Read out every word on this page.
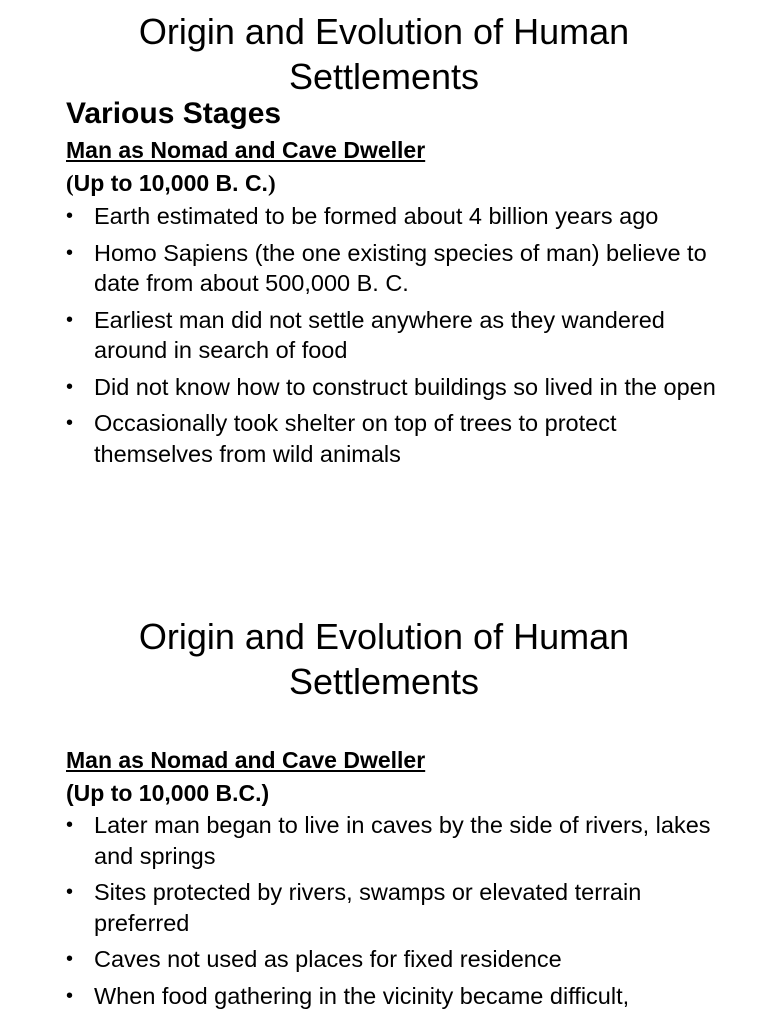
Origin and Evolution of Human
Settlements

Various Stages

Man as Nomad and Cave Dweller

(Up to 10,000 B. C.)

• Earth estimated to be formed about 4 billion years ago
• Homo Sapiens (the one existing species of man) believe to date from about 500,000 B. C.
• Earliest man did not settle anywhere as they wandered around in search of food
• Did not know how to construct buildings so lived in the open
• Occasionally took shelter on top of trees to protect themselves from wild animals
Origin and Evolution of Human
Settlements

Man as Nomad and Cave Dweller

(Up to 10,000 B.C.)

• Later man began to live in caves by the side of rivers, lakes and springs
• Sites protected by rivers, swamps or elevated terrain preferred
• Caves not used as places for fixed residence
• When food gathering in the vicinity became difficult,
